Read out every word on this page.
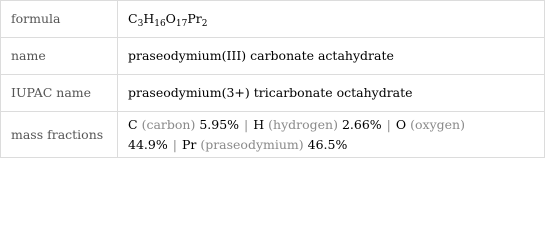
formula	$C_3H_{16}O_{17}Pr_2$
name	praseodymium(III) carbonate actahydrate
IUPAC name	praseodymium(3+) tricarbonate octahydrate
mass fractions	C (carbon) 5.95% | H (hydrogen) 2.66% | O (oxygen)
44.9% | Pr (praseodymium) 46.5%
